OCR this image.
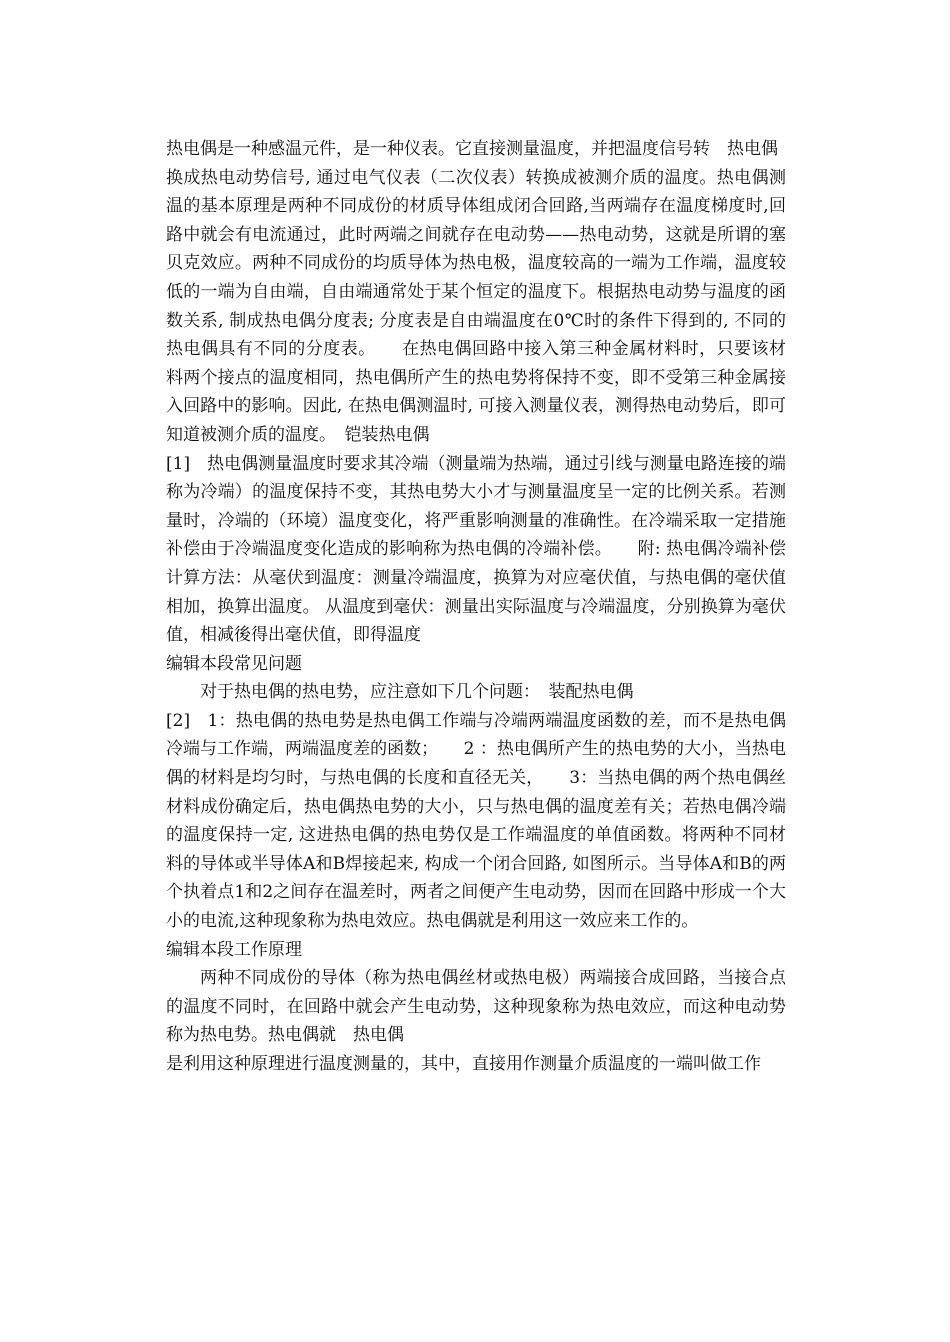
热电偶是一种感温元件，是一种仪表。它直接测量温度，并把温度信号转　热电偶

换成热电动势信号, 通过电气仪表（二次仪表）转换成被测介质的温度。热电偶测温的基本原理是两种不同成份的材质导体组成闭合回路,当两端存在温度梯度时,回路中就会有电流通过，此时两端之间就存在电动势——热电动势，这就是所谓的塞贝克效应。两种不同成份的均质导体为热电极，温度较高的一端为工作端，温度较低的一端为自由端，自由端通常处于某个恒定的温度下。根据热电动势与温度的函数关系, 制成热电偶分度表; 分度表是自由端温度在0℃时的条件下得到的, 不同的热电偶具有不同的分度表。　　在热电偶回路中接入第三种金属材料时，只要该材料两个接点的温度相同，热电偶所产生的热电势将保持不变，即不受第三种金属接入回路中的影响。因此, 在热电偶测温时, 可接入测量仪表，测得热电动势后，即可知道被测介质的温度。　铠装热电偶

[1]　热电偶测量温度时要求其冷端（测量端为热端，通过引线与测量电路连接的端称为冷端）的温度保持不变，其热电势大小才与测量温度呈一定的比例关系。若测量时，冷端的（环境）温度变化，将严重影响测量的准确性。在冷端采取一定措施补偿由于冷端温度变化造成的影响称为热电偶的冷端补偿。　　附: 热电偶冷端补偿计算方法：从毫伏到温度：测量冷端温度，换算为对应毫伏值，与热电偶的毫伏值相加，换算出温度。 从温度到毫伏：测量出实际温度与冷端温度，分别换算为毫伏值，相减後得出毫伏值，即得温度

编辑本段常见问题

对于热电偶的热电势，应注意如下几个问题：　装配热电偶

[2]　1：热电偶的热电势是热电偶工作端与冷端两端温度函数的差，而不是热电偶冷端与工作端，两端温度差的函数；　　2 ：热电偶所产生的热电势的大小，当热电偶的材料是均匀时，与热电偶的长度和直径无关，　　3：当热电偶的两个热电偶丝材料成份确定后，热电偶热电势的大小，只与热电偶的温度差有关；若热电偶冷端的温度保持一定, 这进热电偶的热电势仅是工作端温度的单值函数。将两种不同材料的导体或半导体A和B焊接起来, 构成一个闭合回路, 如图所示。当导体A和B的两个执着点1和2之间存在温差时，两者之间便产生电动势，因而在回路中形成一个大小的电流,这种现象称为热电效应。热电偶就是利用这一效应来工作的。

编辑本段工作原理

两种不同成份的导体（称为热电偶丝材或热电极）两端接合成回路，当接合点的温度不同时，在回路中就会产生电动势，这种现象称为热电效应，而这种电动势称为热电势。热电偶就　热电偶

是利用这种原理进行温度测量的，其中，直接用作测量介质温度的一端叫做工作
